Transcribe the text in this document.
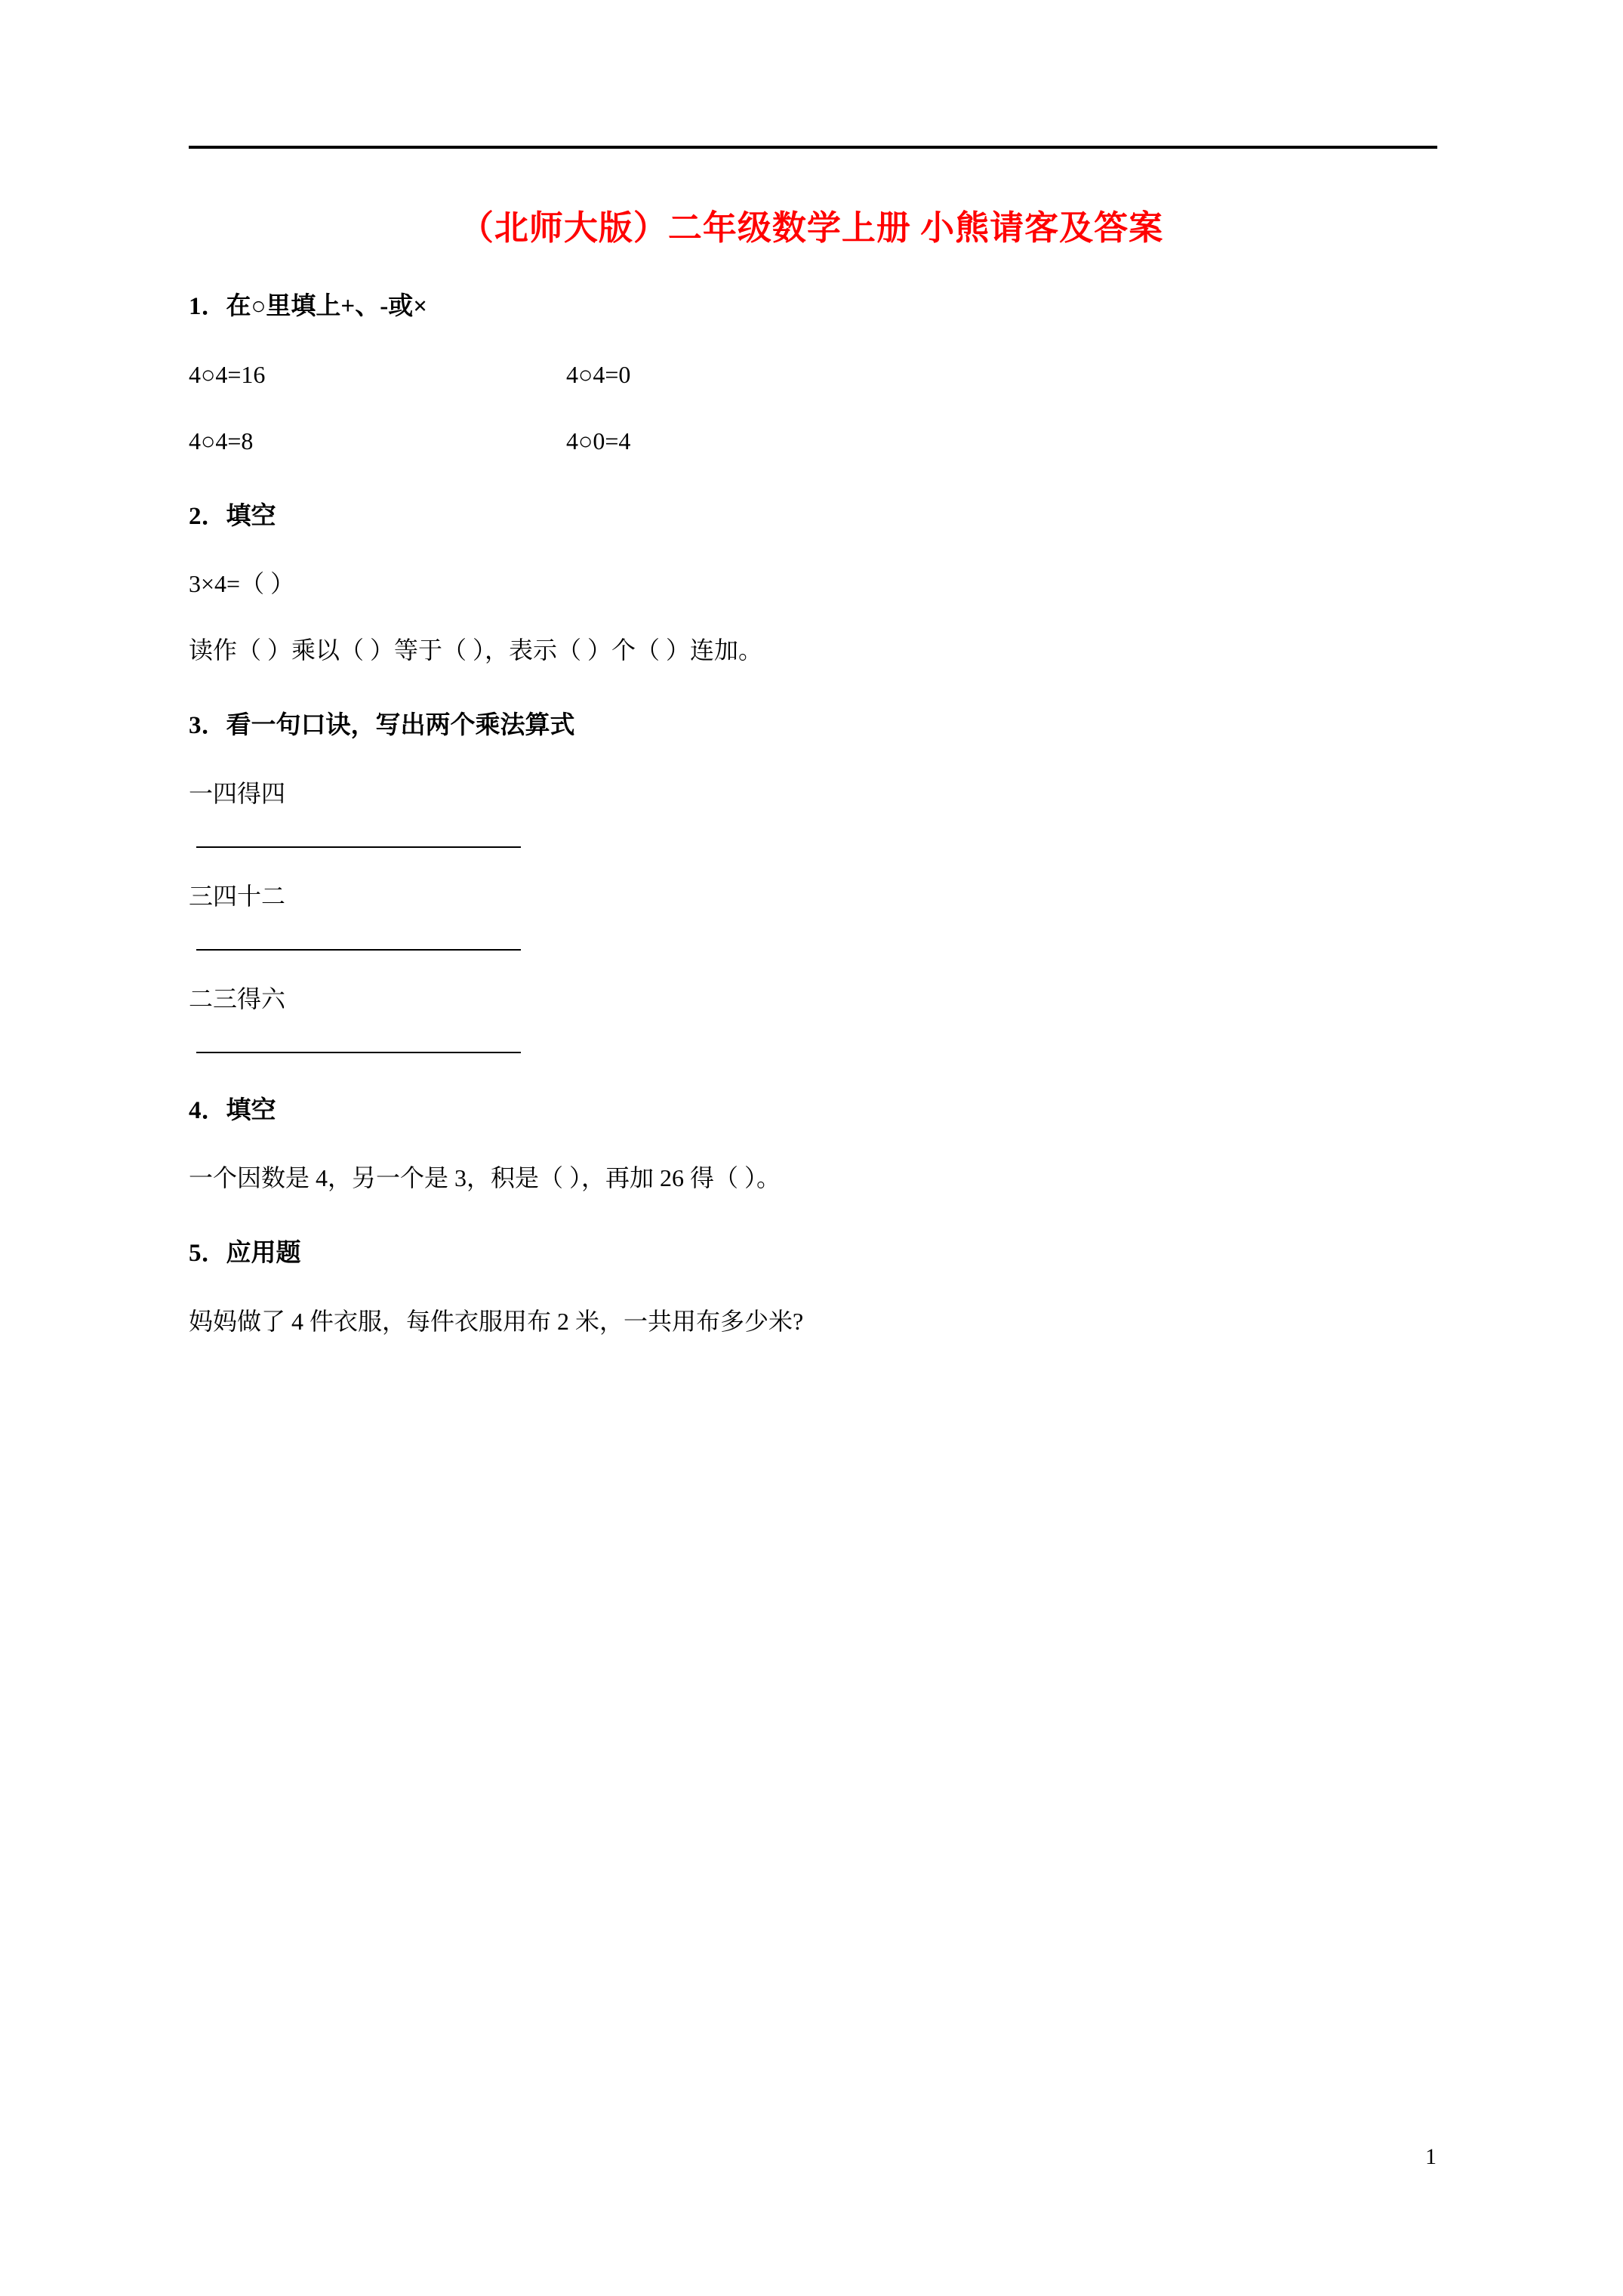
（北师大版）二年级数学上册 小熊请客及答案

1．在○里填上+、-或×

4○4=16	4○4=0
4○4=8	4○0=4

2．填空

3×4=（ ）

读作（ ）乘以（ ）等于（ ），表示（ ）个（ ）连加。

3．看一句口诀，写出两个乘法算式

一四得四

三四十二

二三得六

4．填空

一个因数是 4，另一个是 3，积是（ ），再加 26 得（ ）。

5．应用题

妈妈做了 4 件衣服，每件衣服用布 2 米，一共用布多少米?

1
